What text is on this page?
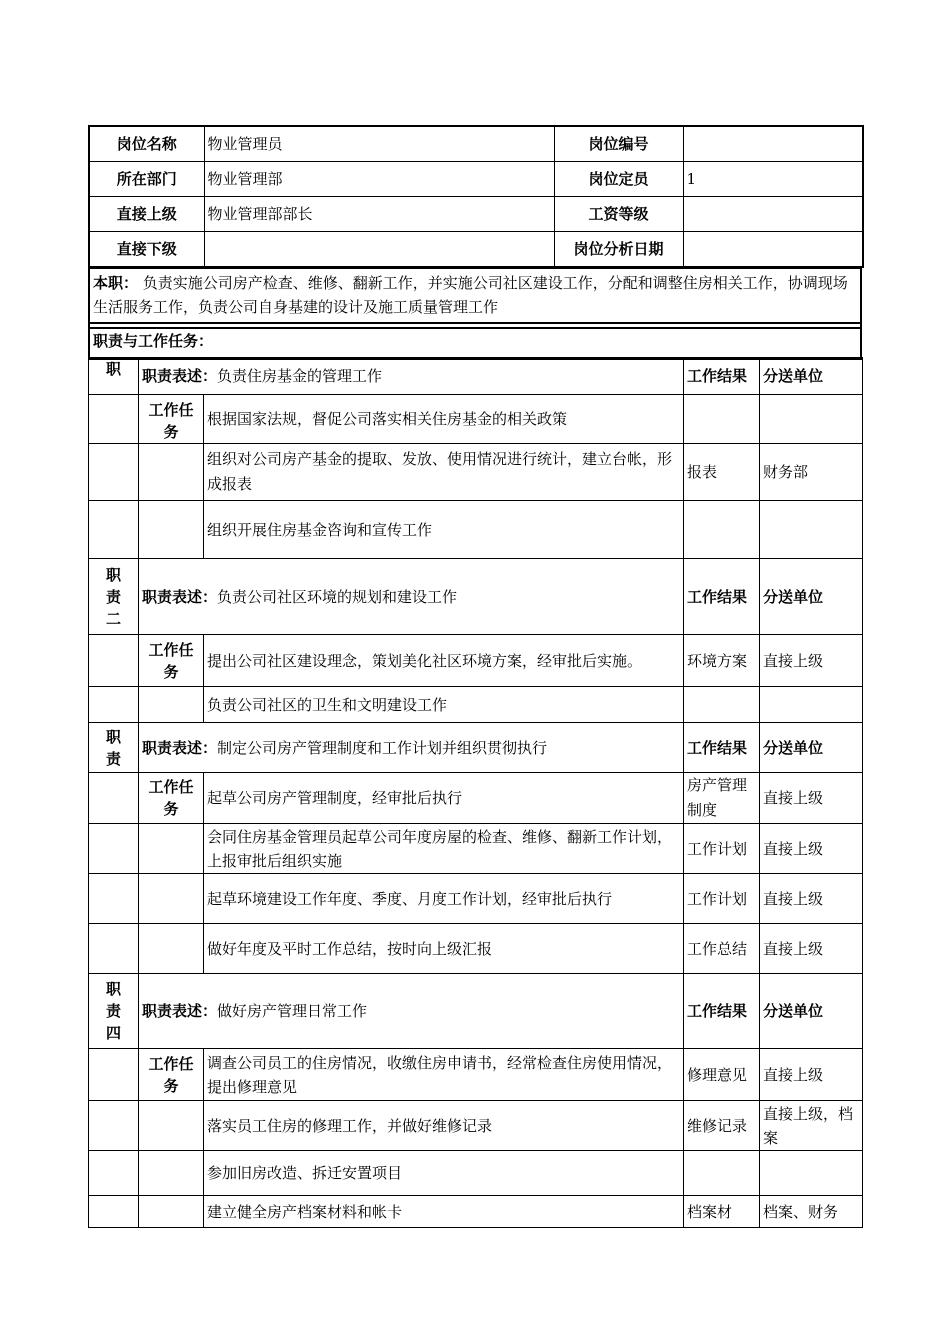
岗位名称	物业管理员	岗位编号	
所在部门	物业管理部	岗位定员	1
直接上级	物业管理部部长	工资等级	
直接下级		岗位分析日期	
本职： 负责实施公司房产检查、维修、翻新工作，并实施公司社区建设工作，分配和调整住房相关工作，协调现场生活服务工作，负责公司自身基建的设计及施工质量管理工作
职责与工作任务：
职	职责表述：负责住房基金的管理工作		工作结果	分送单位
	工作任务	根据国家法规，督促公司落实相关住房基金的相关政策		
		组织对公司房产基金的提取、发放、使用情况进行统计，建立台帐，形成报表	报表	财务部
		组织开展住房基金咨询和宣传工作		
职
责
二	职责表述：负责公司社区环境的规划和建设工作		工作结果	分送单位
	工作任务	提出公司社区建设理念，策划美化社区环境方案，经审批后实施。	环境方案	直接上级
		负责公司社区的卫生和文明建设工作		
职
责	职责表述：制定公司房产管理制度和工作计划并组织贯彻执行		工作结果	分送单位
	工作任务	起草公司房产管理制度，经审批后执行	房产管理制度	直接上级
		会同住房基金管理员起草公司年度房屋的检查、维修、翻新工作计划，上报审批后组织实施	工作计划	直接上级
		起草环境建设工作年度、季度、月度工作计划，经审批后执行	工作计划	直接上级
		做好年度及平时工作总结，按时向上级汇报	工作总结	直接上级
职
责
四	职责表述：做好房产管理日常工作		工作结果	分送单位
	工作任务	调查公司员工的住房情况，收缴住房申请书，经常检查住房使用情况，提出修理意见	修理意见	直接上级
		落实员工住房的修理工作，并做好维修记录	维修记录	直接上级，档案
		参加旧房改造、拆迁安置项目		
		建立健全房产档案材料和帐卡	档案材	档案、财务
